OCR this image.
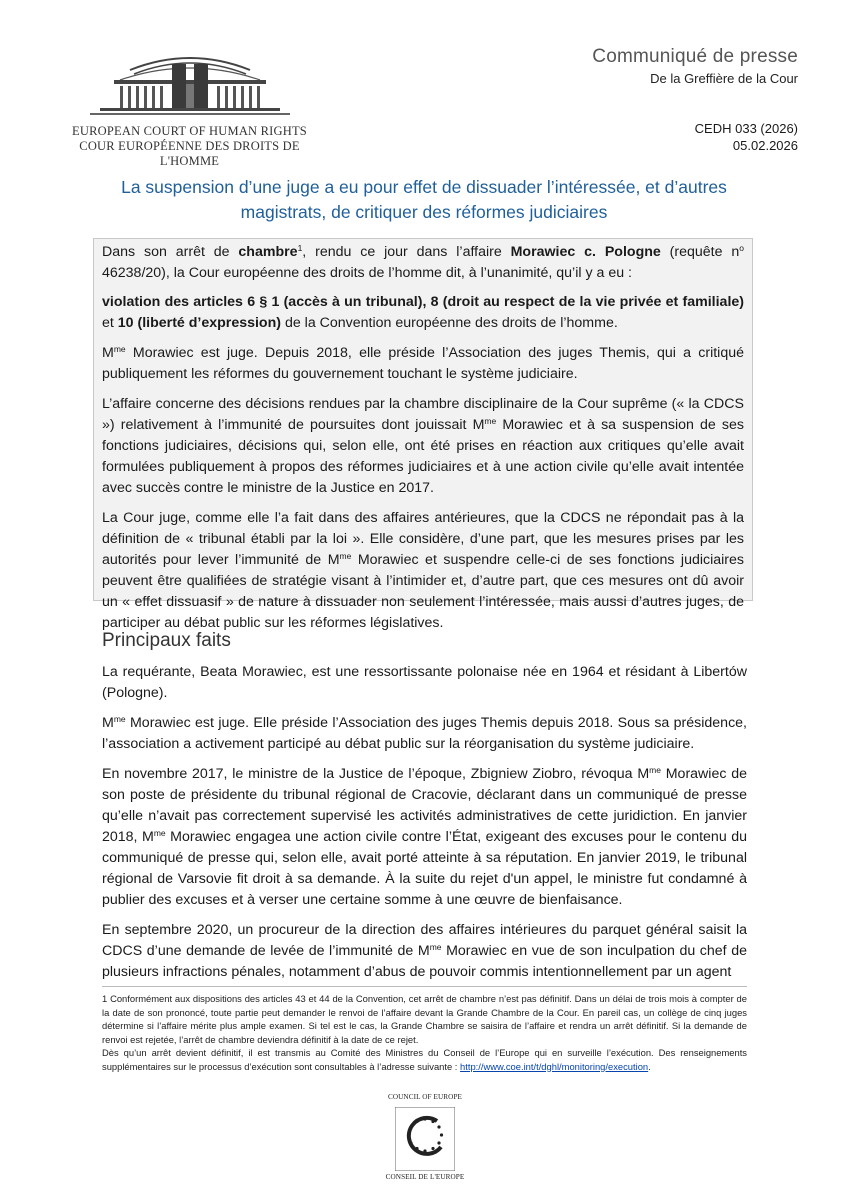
EUROPEAN COURT OF HUMAN RIGHTS
COUR EUROPÉENNE DES DROITS DE L'HOMME
Communiqué de presse
De la Greffière de la Cour
CEDH 033 (2026)
05.02.2026
La suspension d’une juge a eu pour effet de dissuader l’intéressée, et d’autres magistrats, de critiquer des réformes judiciaires

Dans son arrêt de chambre$^1$, rendu ce jour dans l’affaire Morawiec c. Pologne (requête $n^o$ 46238/20), la Cour européenne des droits de l’homme dit, à l’unanimité, qu’il y a eu :

violation des articles 6 § 1 (accès à un tribunal), 8 (droit au respect de la vie privée et familiale) et 10 (liberté d’expression) de la Convention européenne des droits de l’homme.

$M^{me}$ Morawiec est juge. Depuis 2018, elle préside l’Association des juges Themis, qui a critiqué publiquement les réformes du gouvernement touchant le système judiciaire.

L’affaire concerne des décisions rendues par la chambre disciplinaire de la Cour suprême (« la CDCS ») relativement à l’immunité de poursuites dont jouissait $M^{me}$ Morawiec et à sa suspension de ses fonctions judiciaires, décisions qui, selon elle, ont été prises en réaction aux critiques qu’elle avait formulées publiquement à propos des réformes judiciaires et à une action civile qu’elle avait intentée avec succès contre le ministre de la Justice en 2017.

La Cour juge, comme elle l’a fait dans des affaires antérieures, que la CDCS ne répondait pas à la définition de « tribunal établi par la loi ». Elle considère, d’une part, que les mesures prises par les autorités pour lever l’immunité de $M^{me}$ Morawiec et suspendre celle-ci de ses fonctions judiciaires peuvent être qualifiées de stratégie visant à l’intimider et, d’autre part, que ces mesures ont dû avoir un « effet dissuasif » de nature à dissuader non seulement l’intéressée, mais aussi d’autres juges, de participer au débat public sur les réformes législatives.

Principaux faits

La requérante, Beata Morawiec, est une ressortissante polonaise née en 1964 et résidant à Libertów (Pologne).

$M^{me}$ Morawiec est juge. Elle préside l’Association des juges Themis depuis 2018. Sous sa présidence, l’association a activement participé au débat public sur la réorganisation du système judiciaire.

En novembre 2017, le ministre de la Justice de l’époque, Zbigniew Ziobro, révoqua $M^{me}$ Morawiec de son poste de présidente du tribunal régional de Cracovie, déclarant dans un communiqué de presse qu’elle n’avait pas correctement supervisé les activités administratives de cette juridiction. En janvier 2018, $M^{me}$ Morawiec engagea une action civile contre l’État, exigeant des excuses pour le contenu du communiqué de presse qui, selon elle, avait porté atteinte à sa réputation. En janvier 2019, le tribunal régional de Varsovie fit droit à sa demande. À la suite du rejet d'un appel, le ministre fut condamné à publier des excuses et à verser une certaine somme à une œuvre de bienfaisance.

En septembre 2020, un procureur de la direction des affaires intérieures du parquet général saisit la CDCS d’une demande de levée de l’immunité de $M^{me}$ Morawiec en vue de son inculpation du chef de plusieurs infractions pénales, notamment d’abus de pouvoir commis intentionnellement par un agent

1 Conformément aux dispositions des articles 43 et 44 de la Convention, cet arrêt de chambre n’est pas définitif. Dans un délai de trois mois à compter de la date de son prononcé, toute partie peut demander le renvoi de l’affaire devant la Grande Chambre de la Cour. En pareil cas, un collège de cinq juges détermine si l’affaire mérite plus ample examen. Si tel est le cas, la Grande Chambre se saisira de l’affaire et rendra un arrêt définitif. Si la demande de renvoi est rejetée, l’arrêt de chambre deviendra définitif à la date de ce rejet.

Dès qu’un arrêt devient définitif, il est transmis au Comité des Ministres du Conseil de l’Europe qui en surveille l’exécution. Des renseignements supplémentaires sur le processus d’exécution sont consultables à l’adresse suivante : http://www.coe.int/t/dghl/monitoring/execution.

COUNCIL OF EUROPE
CONSEIL DE L'EUROPE
